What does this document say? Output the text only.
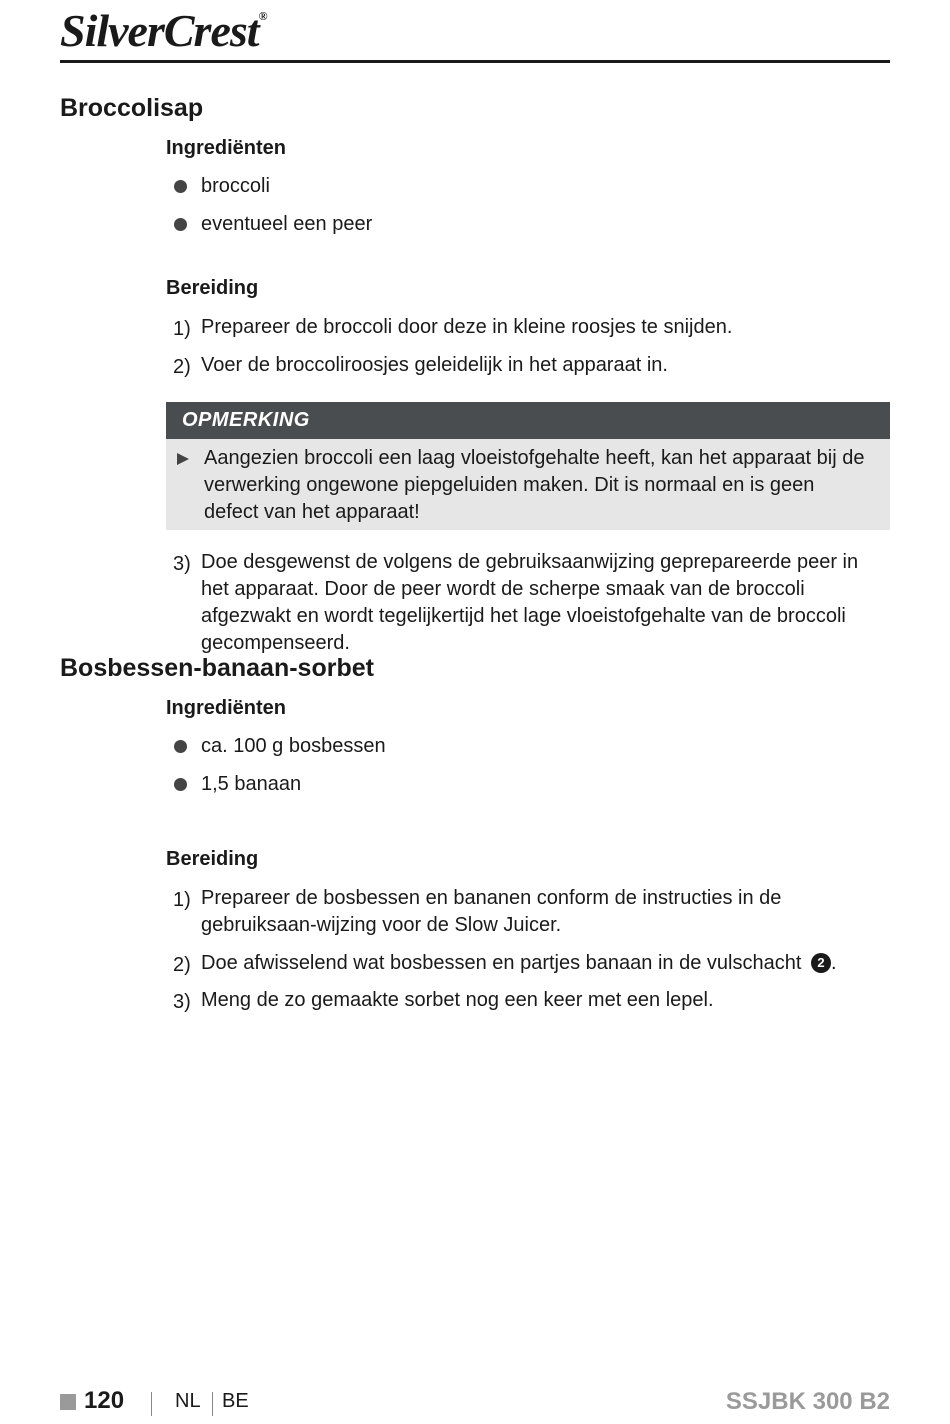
SilverCrest®
Broccolisap
Ingrediënten
broccoli
eventueel een peer
Bereiding
1) Prepareer de broccoli door deze in kleine roosjes te snijden.
2) Voer de broccoliroosjes geleidelijk in het apparaat in.
OPMERKING
Aangezien broccoli een laag vloeistofgehalte heeft, kan het apparaat bij de verwerking ongewone piepgeluiden maken. Dit is normaal en is geen defect van het apparaat!
3) Doe desgewenst de volgens de gebruiksaanwijzing geprepareerde peer in het apparaat. Door de peer wordt de scherpe smaak van de broccoli afgezwakt en wordt tegelijkertijd het lage vloeistofgehalte van de broccoli gecompenseerd.
Bosbessen-banaan-sorbet
Ingrediënten
ca. 100 g bosbessen
1,5 banaan
Bereiding
1) Prepareer de bosbessen en bananen conform de instructies in de gebruiksaan-wijzing voor de Slow Juicer.
2) Doe afwisselend wat bosbessen en partjes banaan in de vulschacht 2 .
3) Meng de zo gemaakte sorbet nog een keer met een lepel.
120	NL BE	SSJBK 300 B2
